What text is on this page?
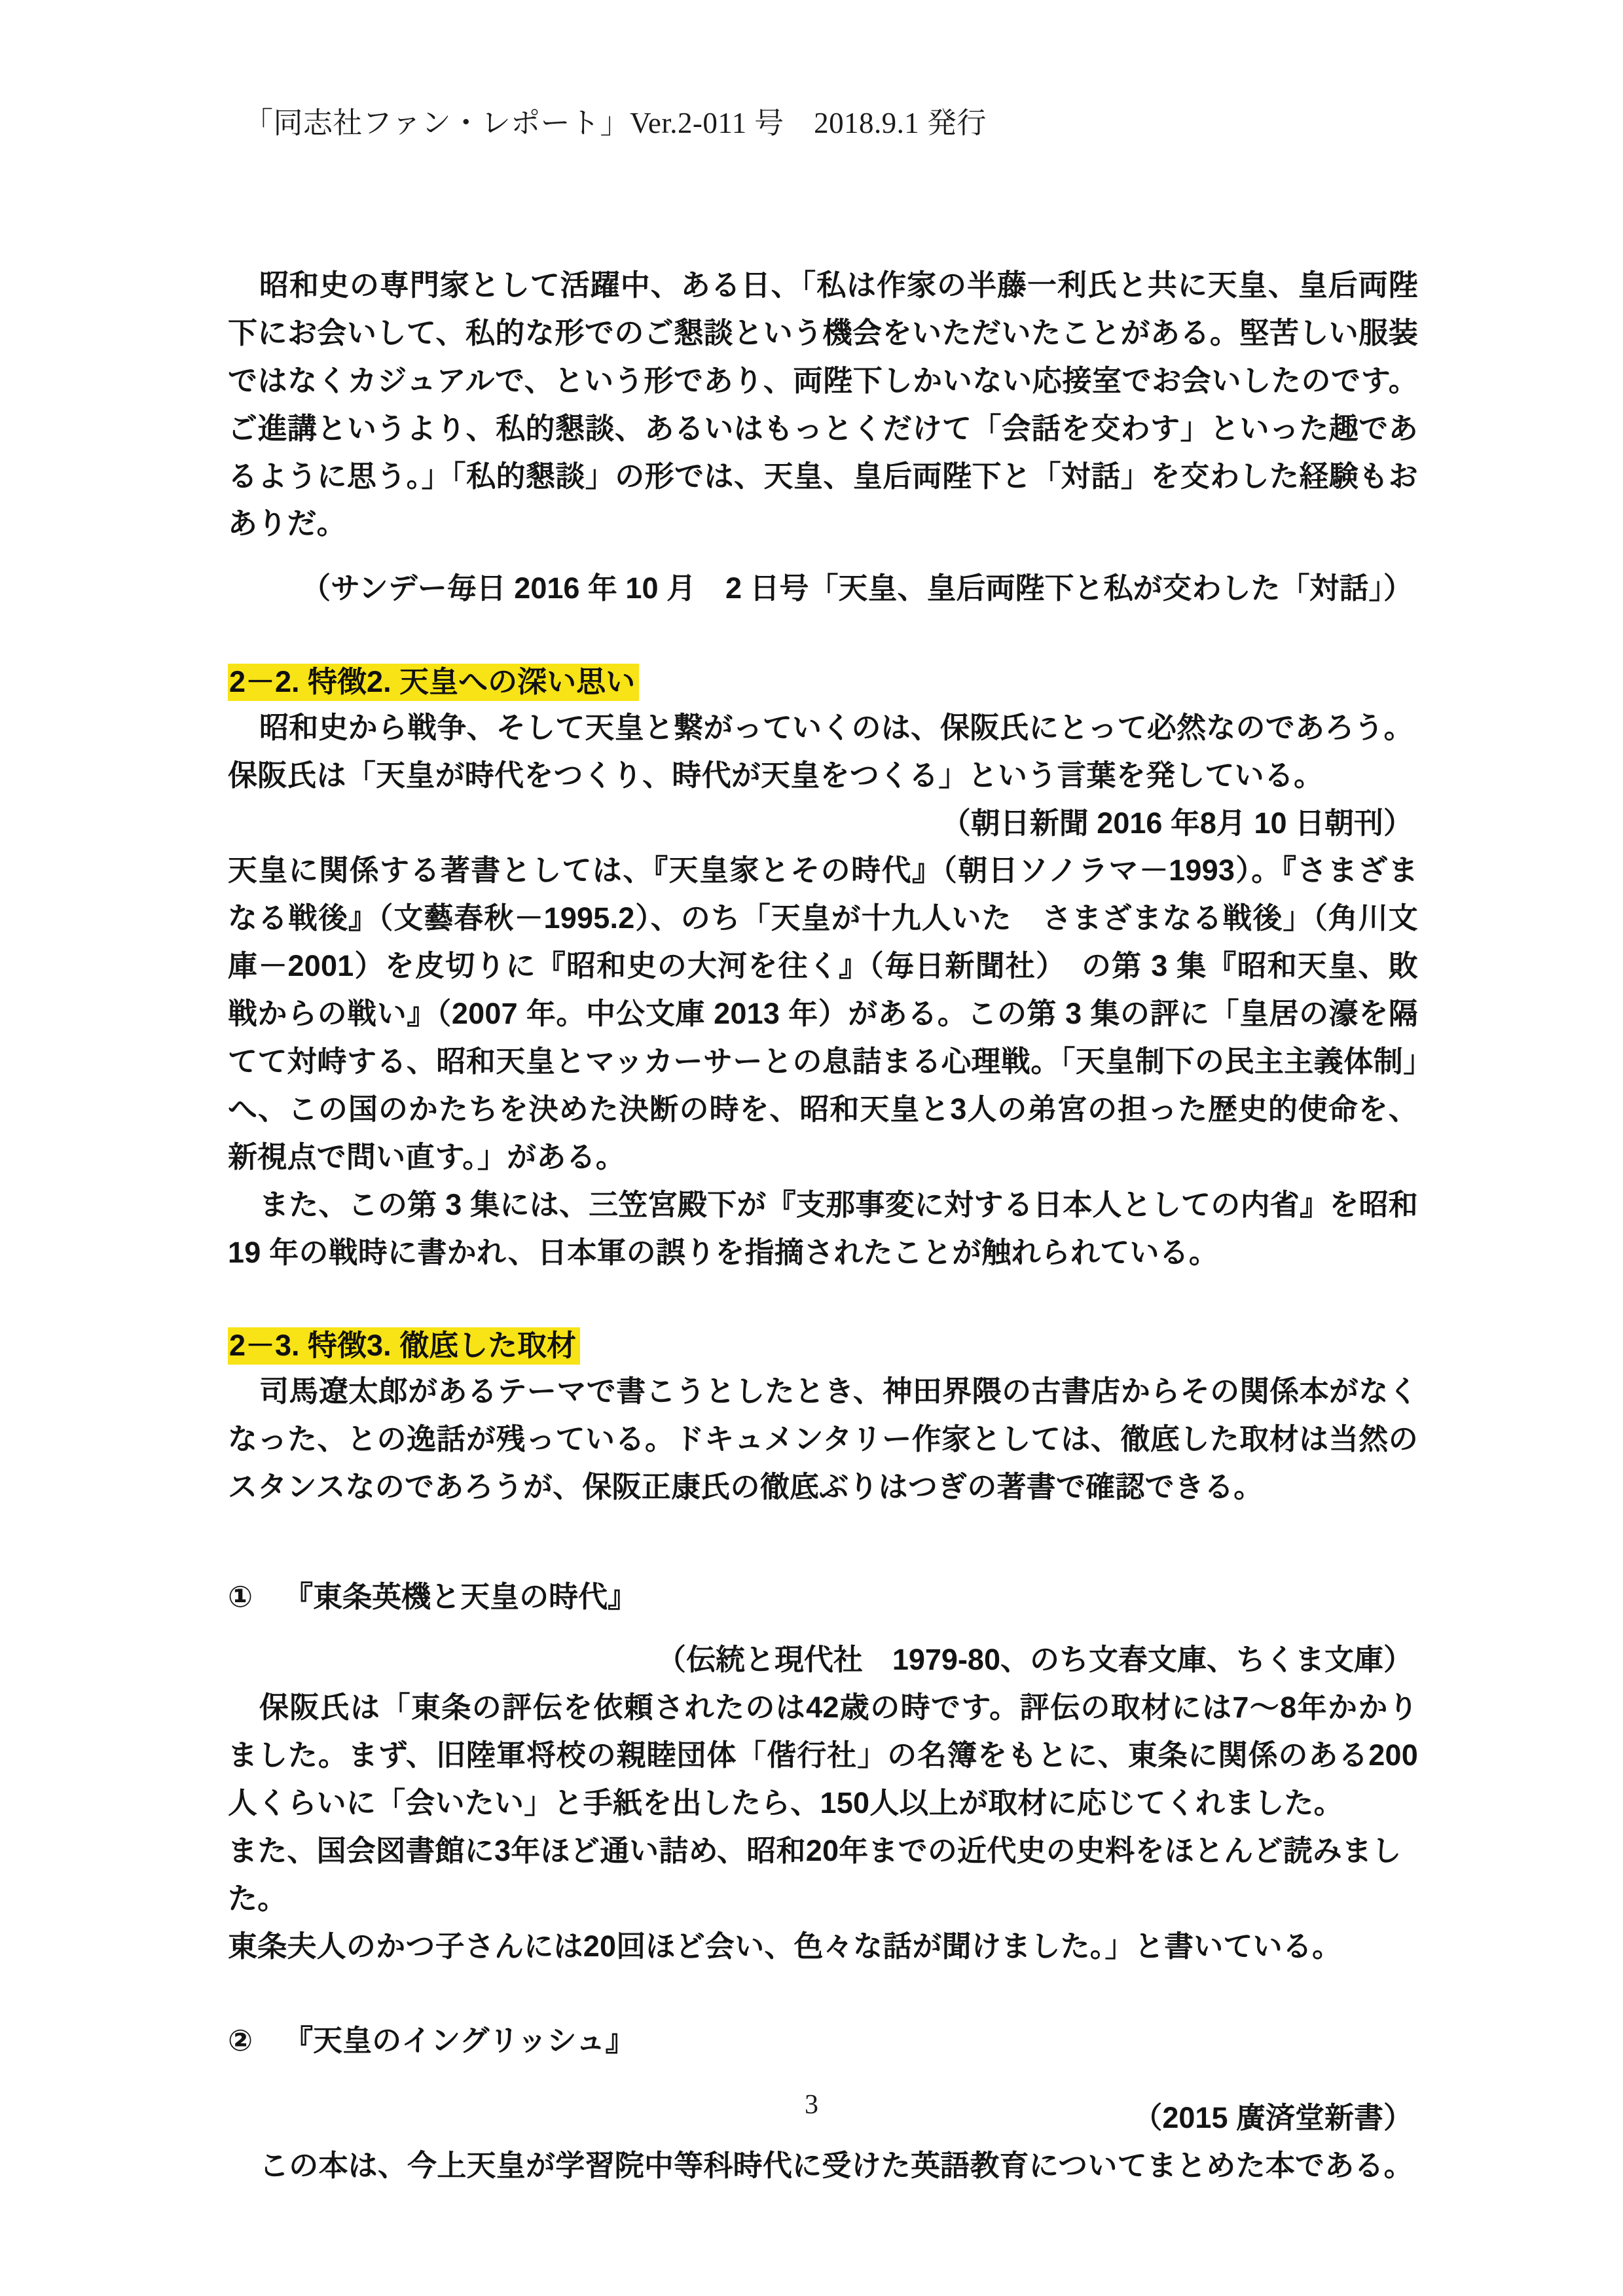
「同志社ファン・レポート」Ver.2-011 号　2018.9.1 発行

昭和史の専門家として活躍中、ある日、「私は作家の半藤一利氏と共に天皇、皇后両陛下にお会いして、私的な形でのご懇談という機会をいただいたことがある。堅苦しい服装ではなくカジュアルで、という形であり、両陛下しかいない応接室でお会いしたのです。ご進講というより、私的懇談、あるいはもっとくだけて「会話を交わす」といった趣であるように思う。」「私的懇談」の形では、天皇、皇后両陛下と「対話」を交わした経験もおありだ。

（サンデー毎日 2016 年 10 月　2 日号「天皇、皇后両陛下と私が交わした「対話」）

2－2. 特徴2. 天皇への深い思い

昭和史から戦争、そして天皇と繋がっていくのは、保阪氏にとって必然なのであろう。

保阪氏は「天皇が時代をつくり、時代が天皇をつくる」という言葉を発している。

（朝日新聞 2016 年8月 10 日朝刊）

天皇に関係する著書としては、『天皇家とその時代』（朝日ソノラマ－1993）。『さまざまなる戦後』（文藝春秋－1995.2）、のち「天皇が十九人いた　さまざまなる戦後」（角川文庫－2001）を皮切りに『昭和史の大河を往く』（毎日新聞社）　の第 3 集『昭和天皇、敗戦からの戦い』（2007 年。中公文庫 2013 年）がある。この第 3 集の評に「皇居の濠を隔てて対峙する、昭和天皇とマッカーサーとの息詰まる心理戦。「天皇制下の民主主義体制」へ、この国のかたちを決めた決断の時を、昭和天皇と3人の弟宮の担った歴史的使命を、新視点で問い直す。」がある。

また、この第 3 集には、三笠宮殿下が『支那事変に対する日本人としての内省』を昭和 19 年の戦時に書かれ、日本軍の誤りを指摘されたことが触れられている。

2－3. 特徴3. 徹底した取材

司馬遼太郎があるテーマで書こうとしたとき、神田界隈の古書店からその関係本がなくなった、との逸話が残っている。ドキュメンタリー作家としては、徹底した取材は当然のスタンスなのであろうが、保阪正康氏の徹底ぶりはつぎの著書で確認できる。

① 『東条英機と天皇の時代』

（伝統と現代社　1979-80、のち文春文庫、ちくま文庫）

保阪氏は「東条の評伝を依頼されたのは42歳の時です。評伝の取材には7～8年かかりました。まず、旧陸軍将校の親睦団体「偕行社」の名簿をもとに、東条に関係のある200人くらいに「会いたい」と手紙を出したら、150人以上が取材に応じてくれました。

また、国会図書館に3年ほど通い詰め、昭和20年までの近代史の史料をほとんど読みました。

東条夫人のかつ子さんには20回ほど会い、色々な話が聞けました。」と書いている。

② 『天皇のイングリッシュ』

（2015 廣済堂新書）

この本は、今上天皇が学習院中等科時代に受けた英語教育についてまとめた本である。

3
